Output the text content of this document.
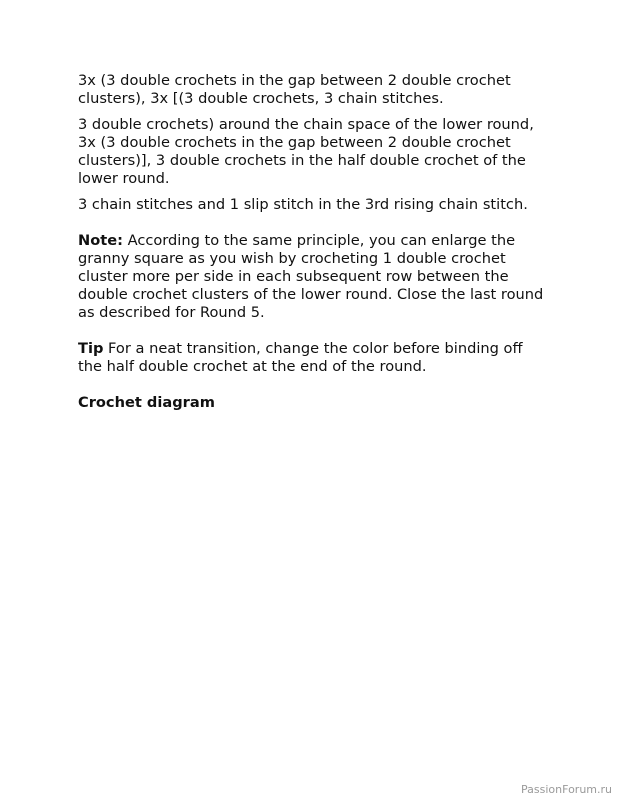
3x (3 double crochets in the gap between 2 double crochet clusters), 3x [(3 double crochets, 3 chain stitches.

3 double crochets) around the chain space of the lower round, 3x (3 double crochets in the gap between 2 double crochet clusters)], 3 double crochets in the half double crochet of the lower round.

3 chain stitches and 1 slip stitch in the 3rd rising chain stitch.

Note: According to the same principle, you can enlarge the granny square as you wish by crocheting 1 double crochet cluster more per side in each subsequent row between the double crochet clusters of the lower round. Close the last round as described for Round 5.

Tip For a neat transition, change the color before binding off the half double crochet at the end of the round.

Crochet diagram

PassionForum.ru
